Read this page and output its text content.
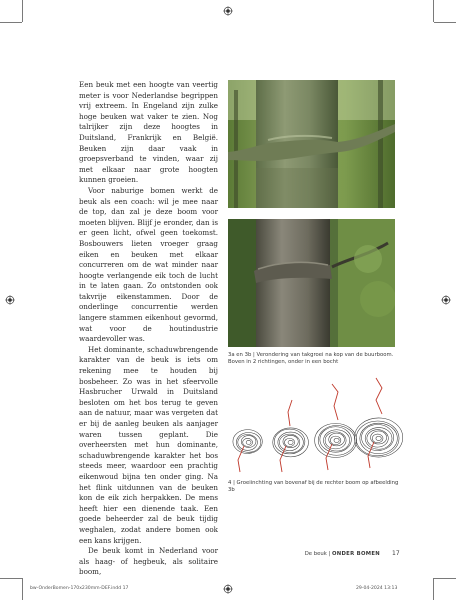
Een beuk met een hoogte van veertig meter is voor Nederlandse begrippen vrij extreem. In Engeland zijn zulke hoge beuken wat vaker te zien. Nog talrijker zijn deze hoogtes in Duitsland, Frankrijk en België. Beuken zijn daar vaak in groepsverband te vinden, waar zij met elkaar naar grote hoogten kunnen groeien.

Voor naburige bomen werkt de beuk als een coach: wil je mee naar de top, dan zal je deze boom voor moeten blijven. Blijf je eronder, dan is er geen licht, ofwel geen toekomst. Bosbouwers lieten vroeger graag eiken en beuken met elkaar concurreren om de wat minder naar hoogte verlangende eik toch de lucht in te laten gaan. Zo ontstonden ook takvrije eikenstammen. Door de onderlinge concurrentie werden langere stammen eikenhout gevormd, wat voor de houtindustrie waardevoller was.

Het dominante, schaduwbrengende karakter van de beuk is iets om rekening mee te houden bij bosbeheer. Zo was in het sfeervolle Hasbrucher Urwald in Duitsland besloten om het bos terug te geven aan de natuur, maar was vergeten dat er bij de aanleg beuken als aanjager waren tussen geplant. Die overheersten met hun dominante, schaduwbrengende karakter het bos steeds meer, waardoor een prachtig eikenwoud bijna ten onder ging. Na het flink uitdunnen van de beuken kon de eik zich herpakken. De mens heeft hier een dienende taak. Een goede beheerder zal de beuk tijdig weghalen, zodat andere bomen ook een kans krijgen.

De beuk komt in Nederland voor als haag- of hegbeuk, als solitaire boom,

3a en 3b | Verondering van takgroei na kop van de buurboom. Boven in 2 richtingen, onder in een bocht
4 | Groeiinchting van bovenaf bij de rechter boom op afbeelding 3b
De beuk | ONDER BOMEN 17
bw-OnderBomen-170x230mm-DEF.indd 17	29-04-2024 13:13
